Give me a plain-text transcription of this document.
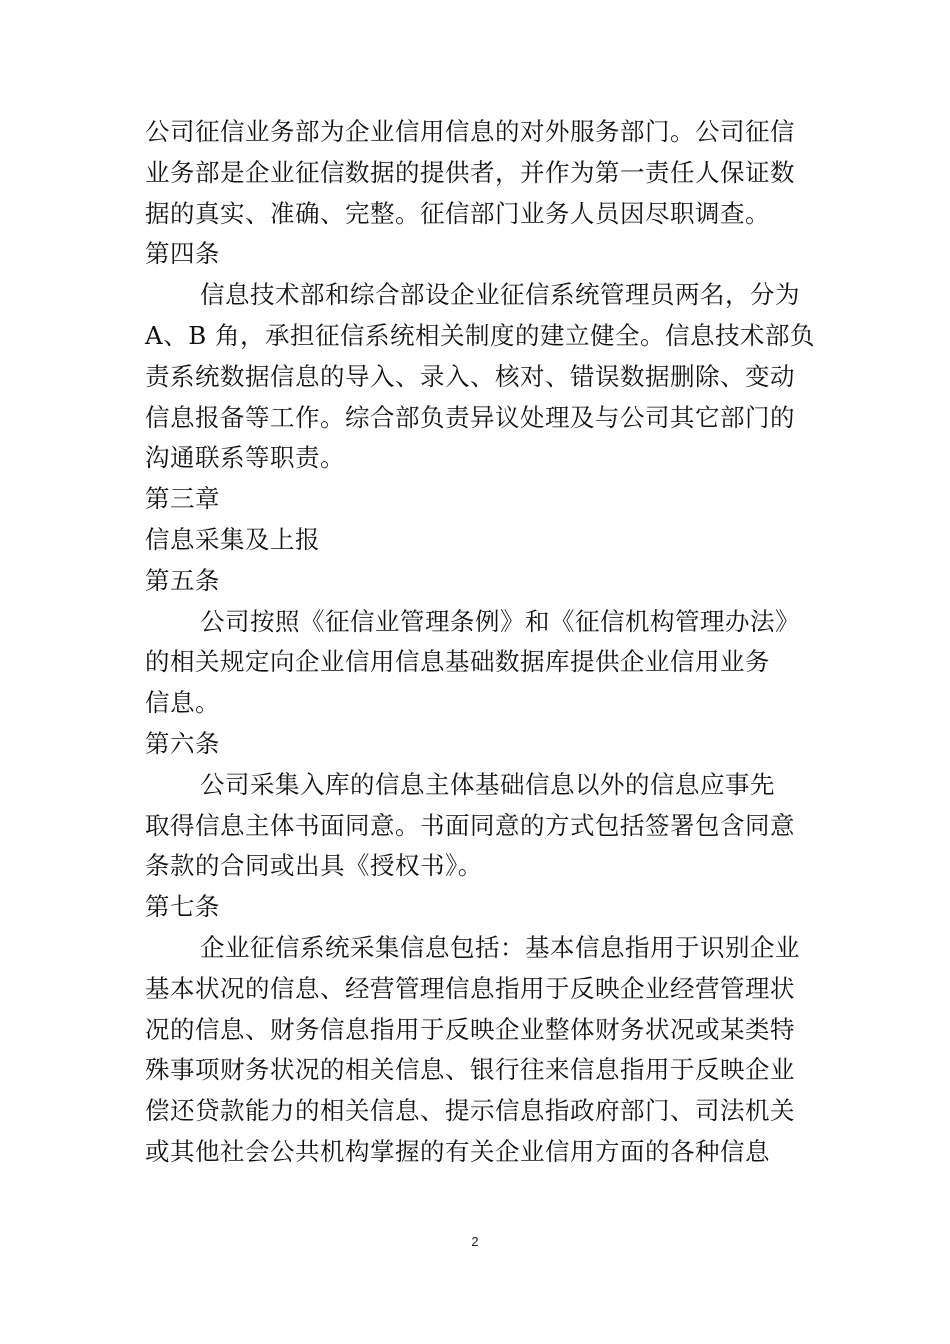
公司征信业务部为企业信用信息的对外服务部门。公司征信
业务部是企业征信数据的提供者，并作为第一责任人保证数
据的真实、准确、完整。征信部门业务人员因尽职调查。
第四条
信息技术部和综合部设企业征信系统管理员两名，分为
A、B 角，承担征信系统相关制度的建立健全。信息技术部负
责系统数据信息的导入、录入、核对、错误数据删除、变动
信息报备等工作。综合部负责异议处理及与公司其它部门的
沟通联系等职责。
第三章
信息采集及上报
第五条
公司按照《征信业管理条例》和《征信机构管理办法》
的相关规定向企业信用信息基础数据库提供企业信用业务
信息。
第六条
公司采集入库的信息主体基础信息以外的信息应事先
取得信息主体书面同意。书面同意的方式包括签署包含同意
条款的合同或出具《授权书》。
第七条
企业征信系统采集信息包括：基本信息指用于识别企业
基本状况的信息、经营管理信息指用于反映企业经营管理状
况的信息、财务信息指用于反映企业整体财务状况或某类特
殊事项财务状况的相关信息、银行往来信息指用于反映企业
偿还贷款能力的相关信息、提示信息指政府部门、司法机关
或其他社会公共机构掌握的有关企业信用方面的各种信息
2
